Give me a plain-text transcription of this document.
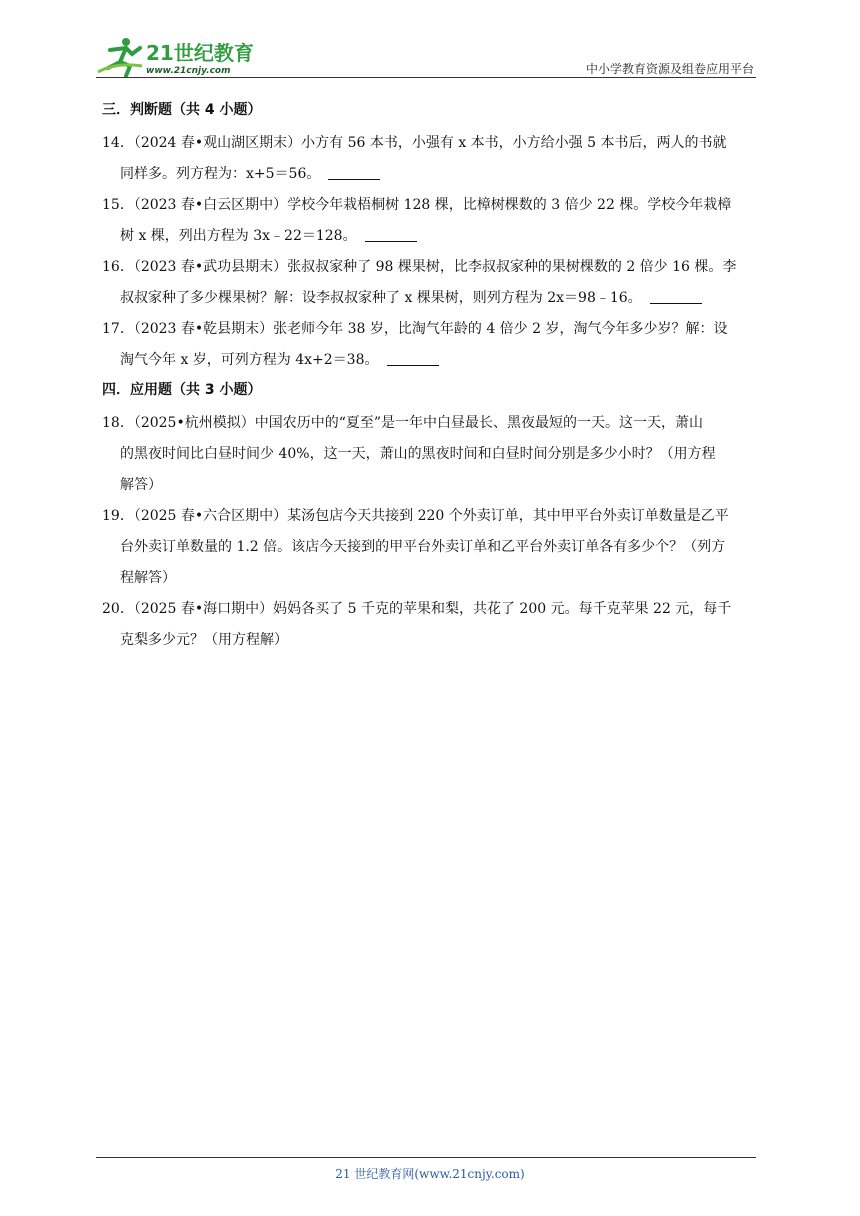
21世纪教育
www.21cnjy.com	中小学教育资源及组卷应用平台
三．判断题（共 4 小题）
14．（2024 春•观山湖区期末）小方有 56 本书，小强有 x 本书，小方给小强 5 本书后，两人的书就
同样多。列方程为：x+5＝56。
15．（2023 春•白云区期中）学校今年栽梧桐树 128 棵，比樟树棵数的 3 倍少 22 棵。学校今年栽樟
树 x 棵，列出方程为 3x﹣22＝128。
16．（2023 春•武功县期末）张叔叔家种了 98 棵果树，比李叔叔家种的果树棵数的 2 倍少 16 棵。李
叔叔家种了多少棵果树？解：设李叔叔家种了 x 棵果树，则列方程为 2x＝98﹣16。
17．（2023 春•乾县期末）张老师今年 38 岁，比淘气年龄的 4 倍少 2 岁，淘气今年多少岁？解：设
淘气今年 x 岁，可列方程为 4x+2＝38。
四．应用题（共 3 小题）
18．（2025•杭州模拟）中国农历中的“夏至”是一年中白昼最长、黑夜最短的一天。这一天，萧山
的黑夜时间比白昼时间少 40%，这一天，萧山的黑夜时间和白昼时间分别是多少小时？（用方程
解答）
19．（2025 春•六合区期中）某汤包店今天共接到 220 个外卖订单，其中甲平台外卖订单数量是乙平
台外卖订单数量的 1.2 倍。该店今天接到的甲平台外卖订单和乙平台外卖订单各有多少个？（列方
程解答）
20．（2025 春•海口期中）妈妈各买了 5 千克的苹果和梨，共花了 200 元。每千克苹果 22 元，每千
克梨多少元？（用方程解）
21 世纪教育网(www.21cnjy.com)
